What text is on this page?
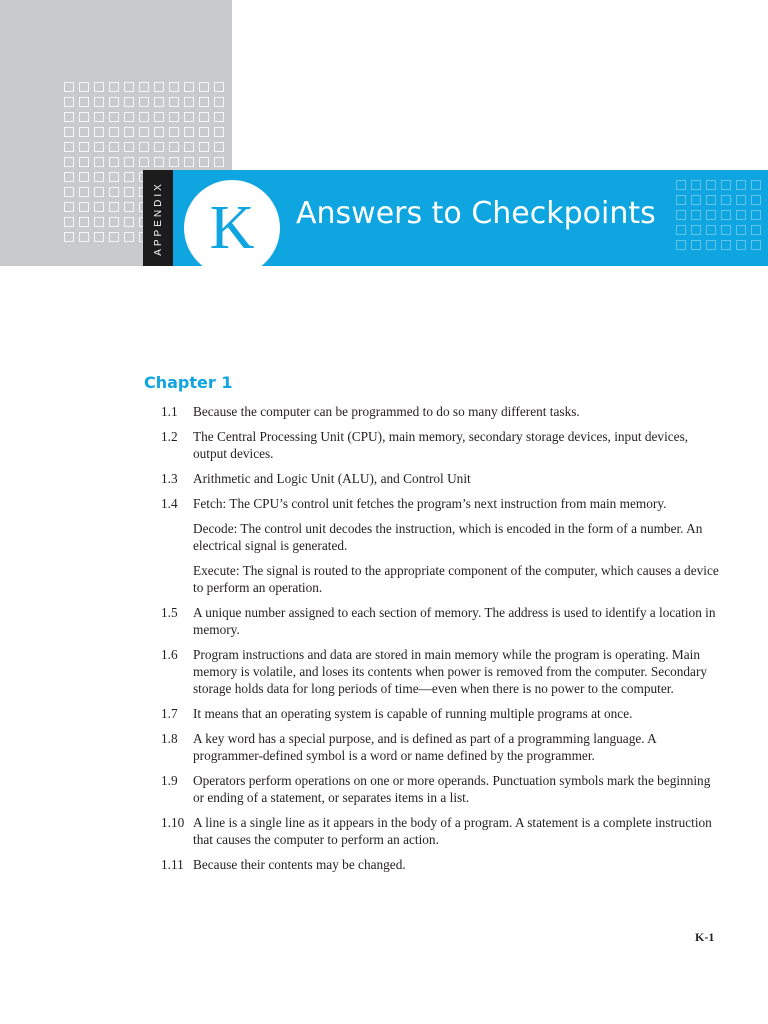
APPENDIX K Answers to Checkpoints
Chapter 1
1.1	Because the computer can be programmed to do so many different tasks.

1.2	The Central Processing Unit (CPU), main memory, secondary storage devices, input devices, output devices.

1.3	Arithmetic and Logic Unit (ALU), and Control Unit

1.4	Fetch: The CPU’s control unit fetches the program’s next instruction from main memory.

Decode: The control unit decodes the instruction, which is encoded in the form of a number. An electrical signal is generated.

Execute: The signal is routed to the appropriate component of the computer, which causes a device to perform an operation.

1.5	A unique number assigned to each section of memory. The address is used to identify a location in memory.

1.6	Program instructions and data are stored in main memory while the program is operating. Main memory is volatile, and loses its contents when power is removed from the computer. Secondary storage holds data for long periods of time—even when there is no power to the computer.

1.7	It means that an operating system is capable of running multiple programs at once.

1.8	A key word has a special purpose, and is defined as part of a programming language. A programmer-defined symbol is a word or name defined by the programmer.

1.9	Operators perform operations on one or more operands. Punctuation symbols mark the beginning or ending of a statement, or separates items in a list.

1.10 A line is a single line as it appears in the body of a program. A statement is a complete instruction that causes the computer to perform an action.

1.11 Because their contents may be changed.

K-1
